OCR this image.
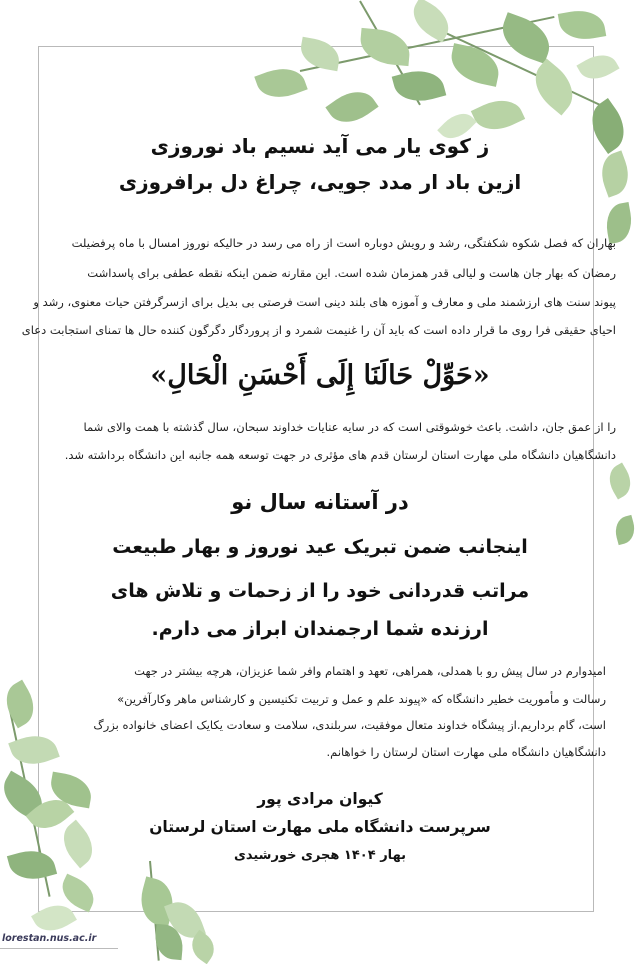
ز کوی یار می آید نسیم باد نوروزی
ازین باد ار مدد جویی، چراغ دل برافروزی
بهاران که فصل شکوه شکفتگی، رشد و رویش دوباره است از راه می رسد در حالیکه نوروز امسال با ماه پرفضیلت
رمضان که بهار جان هاست و لیالی قدر همزمان شده است. این مقارنه ضمن اینکه نقطه عطفی برای پاسداشت
پیوند سنت های ارزشمند ملی و معارف و آموزه های بلند دینی است فرصتی بی بدیل برای ازسرگرفتن حیات معنوی، رشد و
احیای حقیقی فرا روی ما قرار داده است که باید آن را غنیمت شمرد و از پروردگار دگرگون کننده حال ها تمنای استجابت دعای
«حَوِّلْ حَالَنَا إِلَى أَحْسَنِ الْحَالِ»
را از عمق جان، داشت. باعث خوشوقتی است که در سایه عنایات خداوند سبحان، سال گذشته با همت والای شما
دانشگاهیان دانشگاه ملی مهارت استان لرستان قدم های مؤثری در جهت توسعه همه جانبه این دانشگاه برداشته شد.
در آستانه سال نو
اینجانب ضمن تبریک عید نوروز و بهار طبیعت
مراتب قدردانی خود را از زحمات و تلاش های
ارزنده شما ارجمندان ابراز می دارم.
امیدوارم در سال پیش رو با همدلی، همراهی، تعهد و اهتمام وافر شما عزیزان، هرچه بیشتر در جهت
رسالت و مأموریت خطیر دانشگاه که «پیوند علم و عمل و تربیت تکنیسین و کارشناس ماهر وکارآفرین»
است، گام برداریم.از پیشگاه خداوند متعال موفقیت، سربلندی، سلامت و سعادت یکایک اعضای خانواده بزرگ
دانشگاهیان دانشگاه ملی مهارت استان لرستان را خواهانم.
کیوان مرادی پور
سرپرست دانشگاه ملی مهارت استان لرستان
بهار ۱۴۰۴ هجری خورشیدی
lorestan.nus.ac.ir
